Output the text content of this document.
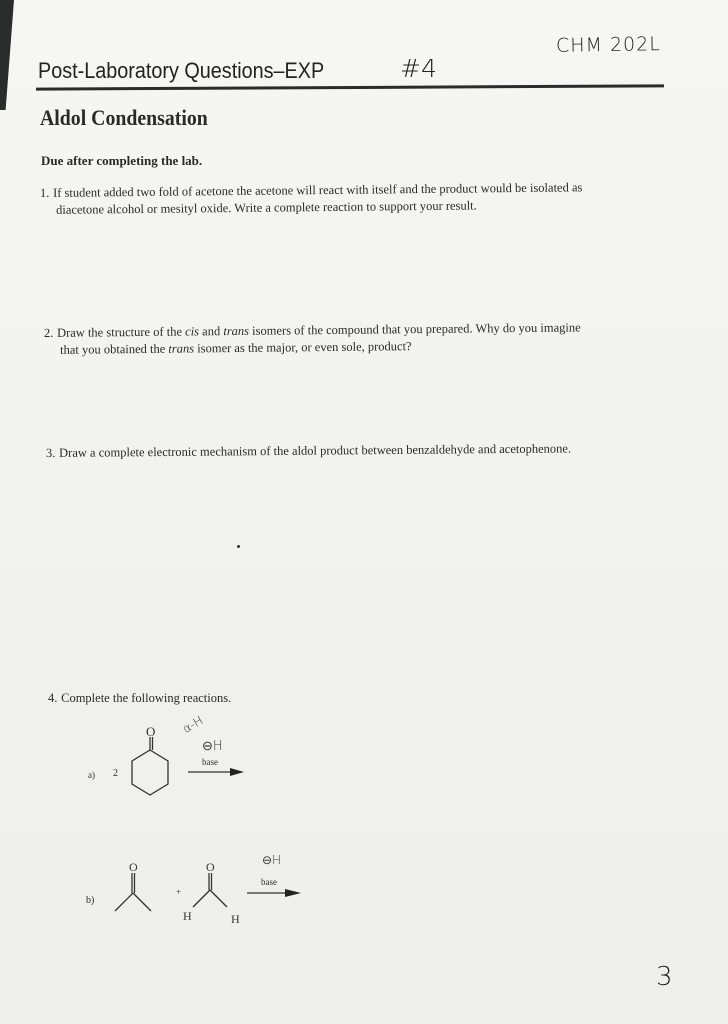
CHM 202L
Post-Laboratory Questions–EXP	#4
Aldol Condensation
Due after completing the lab.
1. If student added two fold of acetone the acetone will react with itself and the product would be isolated as
diacetone alcohol or mesityl oxide. Write a complete reaction to support your result.
2. Draw the structure of the cis and trans isomers of the compound that you prepared. Why do you imagine
that you obtained the trans isomer as the major, or even sole, product?
3. Draw a complete electronic mechanism of the aldol product between benzaldehyde and acetophenone.
4. Complete the following reactions.
a) 2
O α-H
⊖H
base
b)
O
+
O
H	H
⊖H
base
3
